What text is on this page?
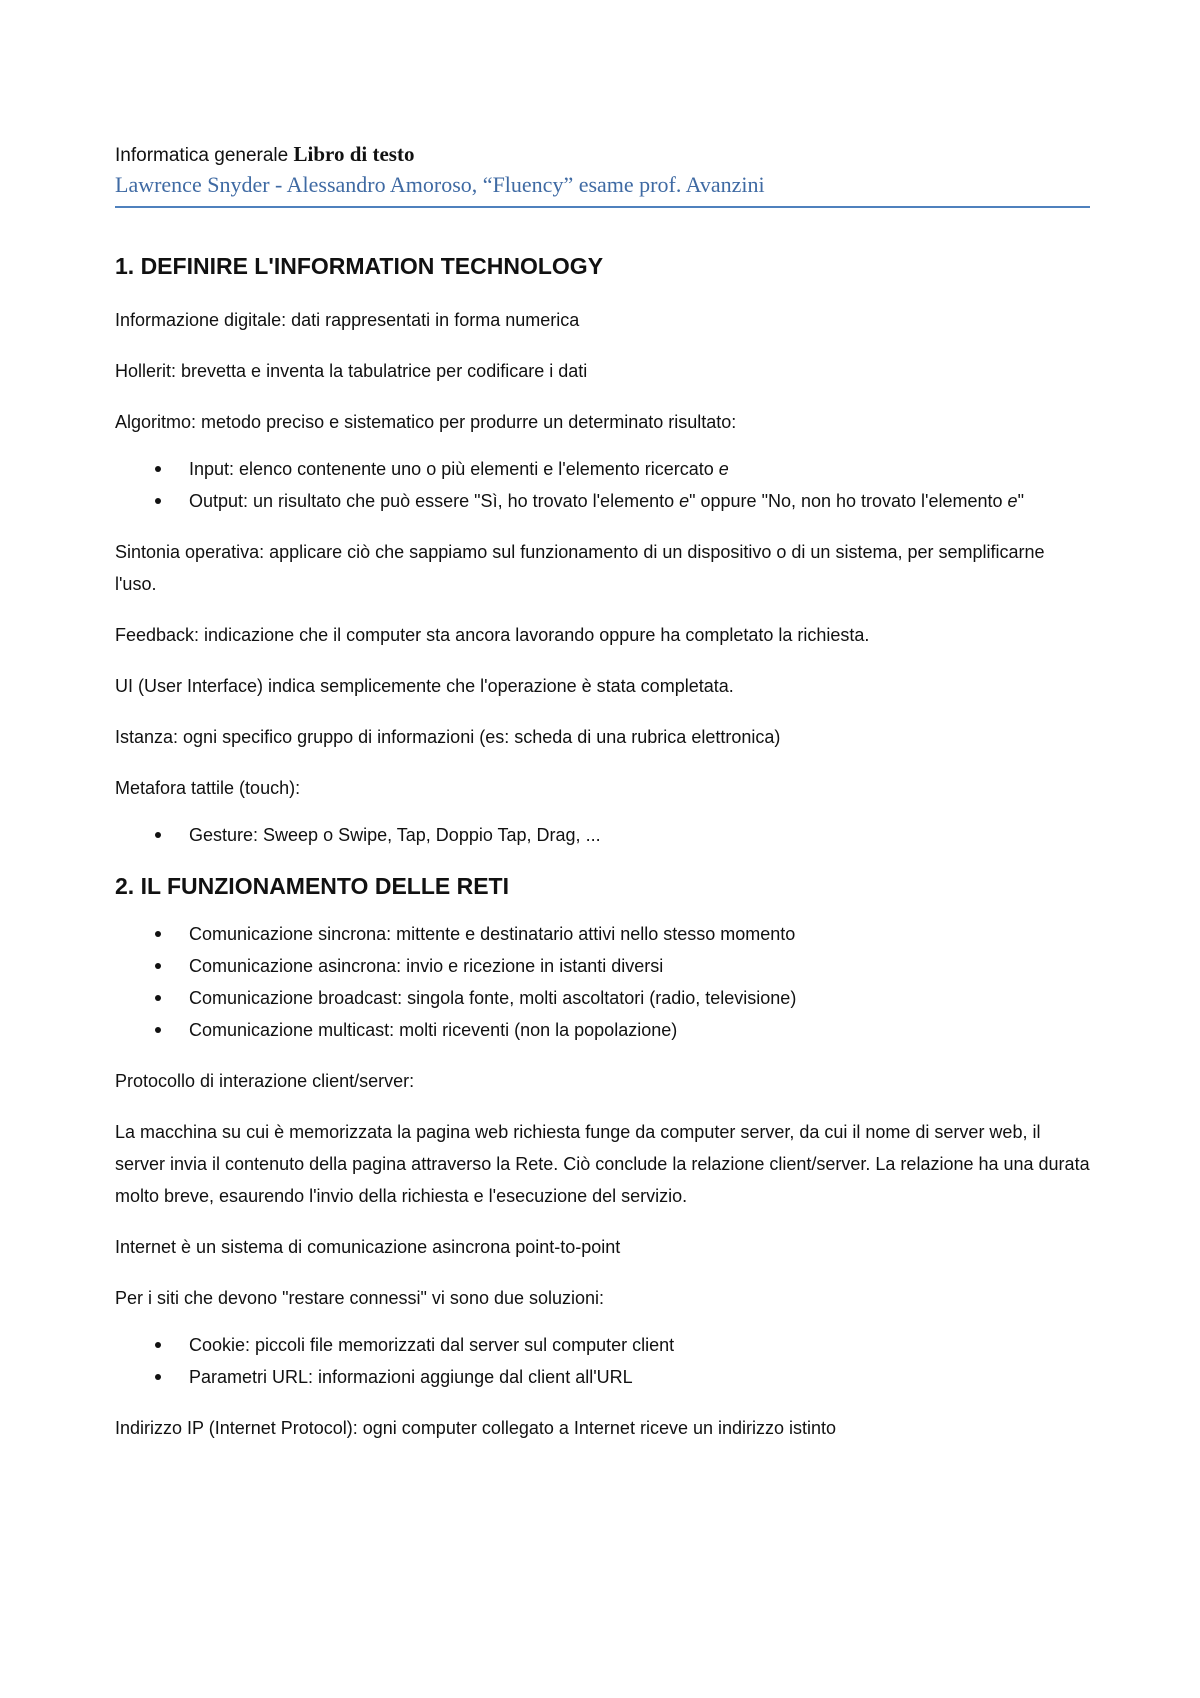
Informatica generale Libro di testo

Lawrence Snyder - Alessandro Amoroso, “Fluency” esame prof. Avanzini

1. DEFINIRE L'INFORMATION TECHNOLOGY

Informazione digitale: dati rappresentati in forma numerica

Hollerit: brevetta e inventa la tabulatrice per codificare i dati

Algoritmo: metodo preciso e sistematico per produrre un determinato risultato:

Input: elenco contenente uno o più elementi e l'elemento ricercato e
Output: un risultato che può essere "Sì, ho trovato l'elemento e" oppure "No, non ho trovato l'elemento e"

Sintonia operativa: applicare ciò che sappiamo sul funzionamento di un dispositivo o di un sistema, per semplificarne l'uso.

Feedback: indicazione che il computer sta ancora lavorando oppure ha completato la richiesta.

UI (User Interface) indica semplicemente che l'operazione è stata completata.

Istanza: ogni specifico gruppo di informazioni (es: scheda di una rubrica elettronica)

Metafora tattile (touch):

Gesture: Sweep o Swipe, Tap, Doppio Tap, Drag, ...
2. IL FUNZIONAMENTO DELLE RETI
Comunicazione sincrona: mittente e destinatario attivi nello stesso momento
Comunicazione asincrona: invio e ricezione in istanti diversi
Comunicazione broadcast: singola fonte, molti ascoltatori (radio, televisione)
Comunicazione multicast: molti riceventi (non la popolazione)

Protocollo di interazione client/server:

La macchina su cui è memorizzata la pagina web richiesta funge da computer server, da cui il nome di server web, il server invia il contenuto della pagina attraverso la Rete. Ciò conclude la relazione client/server. La relazione ha una durata molto breve, esaurendo l'invio della richiesta e l'esecuzione del servizio.

Internet è un sistema di comunicazione asincrona point-to-point

Per i siti che devono "restare connessi" vi sono due soluzioni:

Cookie: piccoli file memorizzati dal server sul computer client
Parametri URL: informazioni aggiunge dal client all'URL

Indirizzo IP (Internet Protocol): ogni computer collegato a Internet riceve un indirizzo istinto
